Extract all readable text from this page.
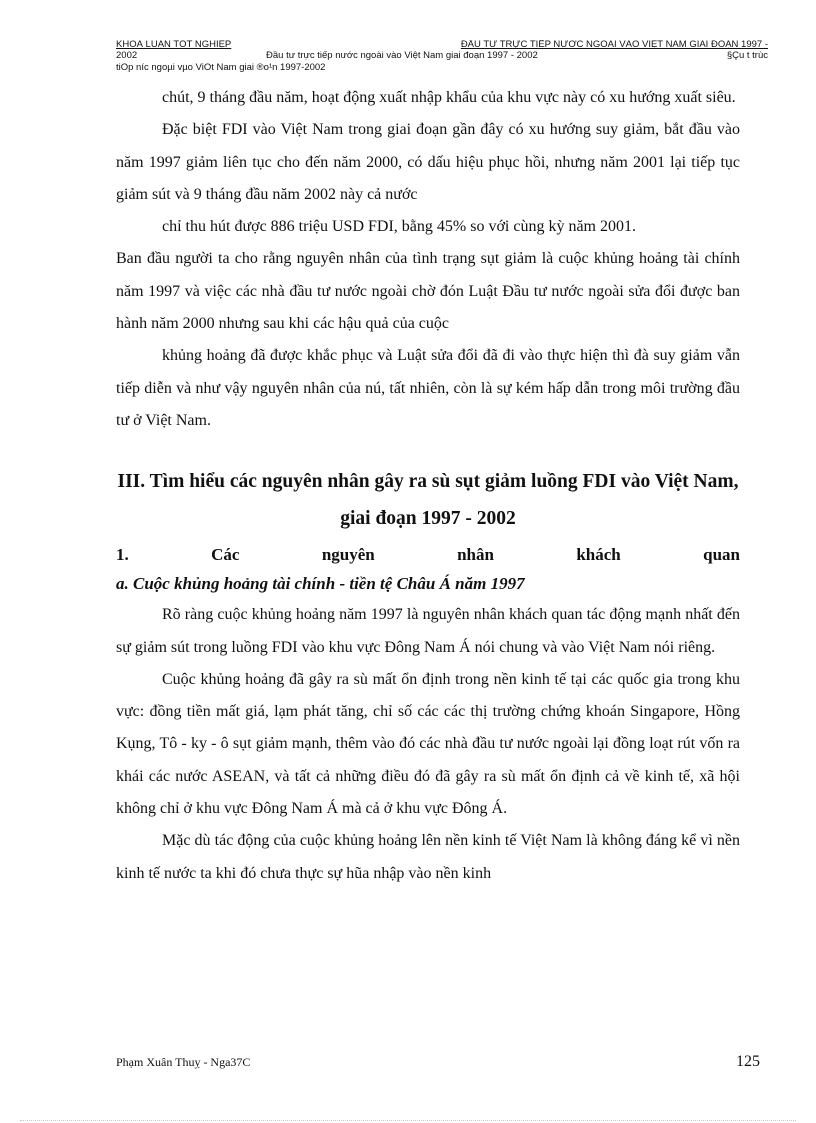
KHOÁ LUẬN TỐT NGHIỆP	ĐẦU TƯ TRỰC TIẾP NƯỚC NGOÀI VÀO VIỆT NAM GIAI ĐOẠN 1997 -
2002	Đầu tư trực tiếp nước ngoài vào Việt Nam giai đoạn 1997 - 2002	§Çu t trùc
tiÕp níc ngoµi vµo ViÖt Nam giai ®o¹n 1997-2002

chút, 9 tháng đầu năm, hoạt động xuất nhập khẩu của khu vực này có xu hướng xuất siêu.

Đặc biệt FDI vào Việt Nam trong giai đoạn gần đây có xu hướng suy giảm, bắt đầu vào năm 1997 giảm liên tục cho đến năm 2000, có dấu hiệu phục hồi, nhưng năm 2001 lại tiếp tục giảm sút và 9 tháng đầu năm 2002 này cả nước

chỉ thu hút được 886 triệu USD FDI, bằng 45% so với cùng kỳ năm 2001.

Ban đầu người ta cho rằng nguyên nhân của tình trạng sụt giảm là cuộc khủng hoảng tài chính năm 1997 và việc các nhà đầu tư nước ngoài chờ đón Luật Đầu tư nước ngoài sửa đổi được ban hành năm 2000 nhưng sau khi các hậu quả của cuộc

khủng hoảng đã được khắc phục và Luật sửa đổi đã đi vào thực hiện thì đà suy giảm vẫn tiếp diễn và như vậy nguyên nhân của nú, tất nhiên, còn là sự kém hấp dẫn trong môi trường đầu tư ở Việt Nam.

III. Tìm hiểu các nguyên nhân gây ra sù sụt giảm luồng FDI vào Việt Nam, giai đoạn 1997 - 2002

1. Các nguyên nhân khách quan

a. Cuộc khủng hoảng tài chính - tiền tệ Châu Á năm 1997

Rõ ràng cuộc khủng hoảng năm 1997 là nguyên nhân khách quan tác động mạnh nhất đến sự giảm sút trong luồng FDI vào khu vực Đông Nam Á nói chung và vào Việt Nam nói riêng.

Cuộc khủng hoảng đã gây ra sù mất ổn định trong nền kinh tế tại các quốc gia trong khu vực: đồng tiền mất giá, lạm phát tăng, chỉ số các các thị trường chứng khoán Singapore, Hồng Kụng, Tô - ky - ô sụt giảm mạnh, thêm vào đó các nhà đầu tư nước ngoài lại đồng loạt rút vốn ra khái các nước ASEAN, và tất cả những điều đó đã gây ra sù mất ổn định cả về kinh tế, xã hội không chỉ ở khu vực Đông Nam Á mà cả ở khu vực Đông Á.

Mặc dù tác động của cuộc khủng hoảng lên nền kinh tế Việt Nam là không đáng kể vì nền kinh tế nước ta khi đó chưa thực sự hũa nhập vào nền kinh

Phạm Xuân Thuỵ - Nga37C	125
